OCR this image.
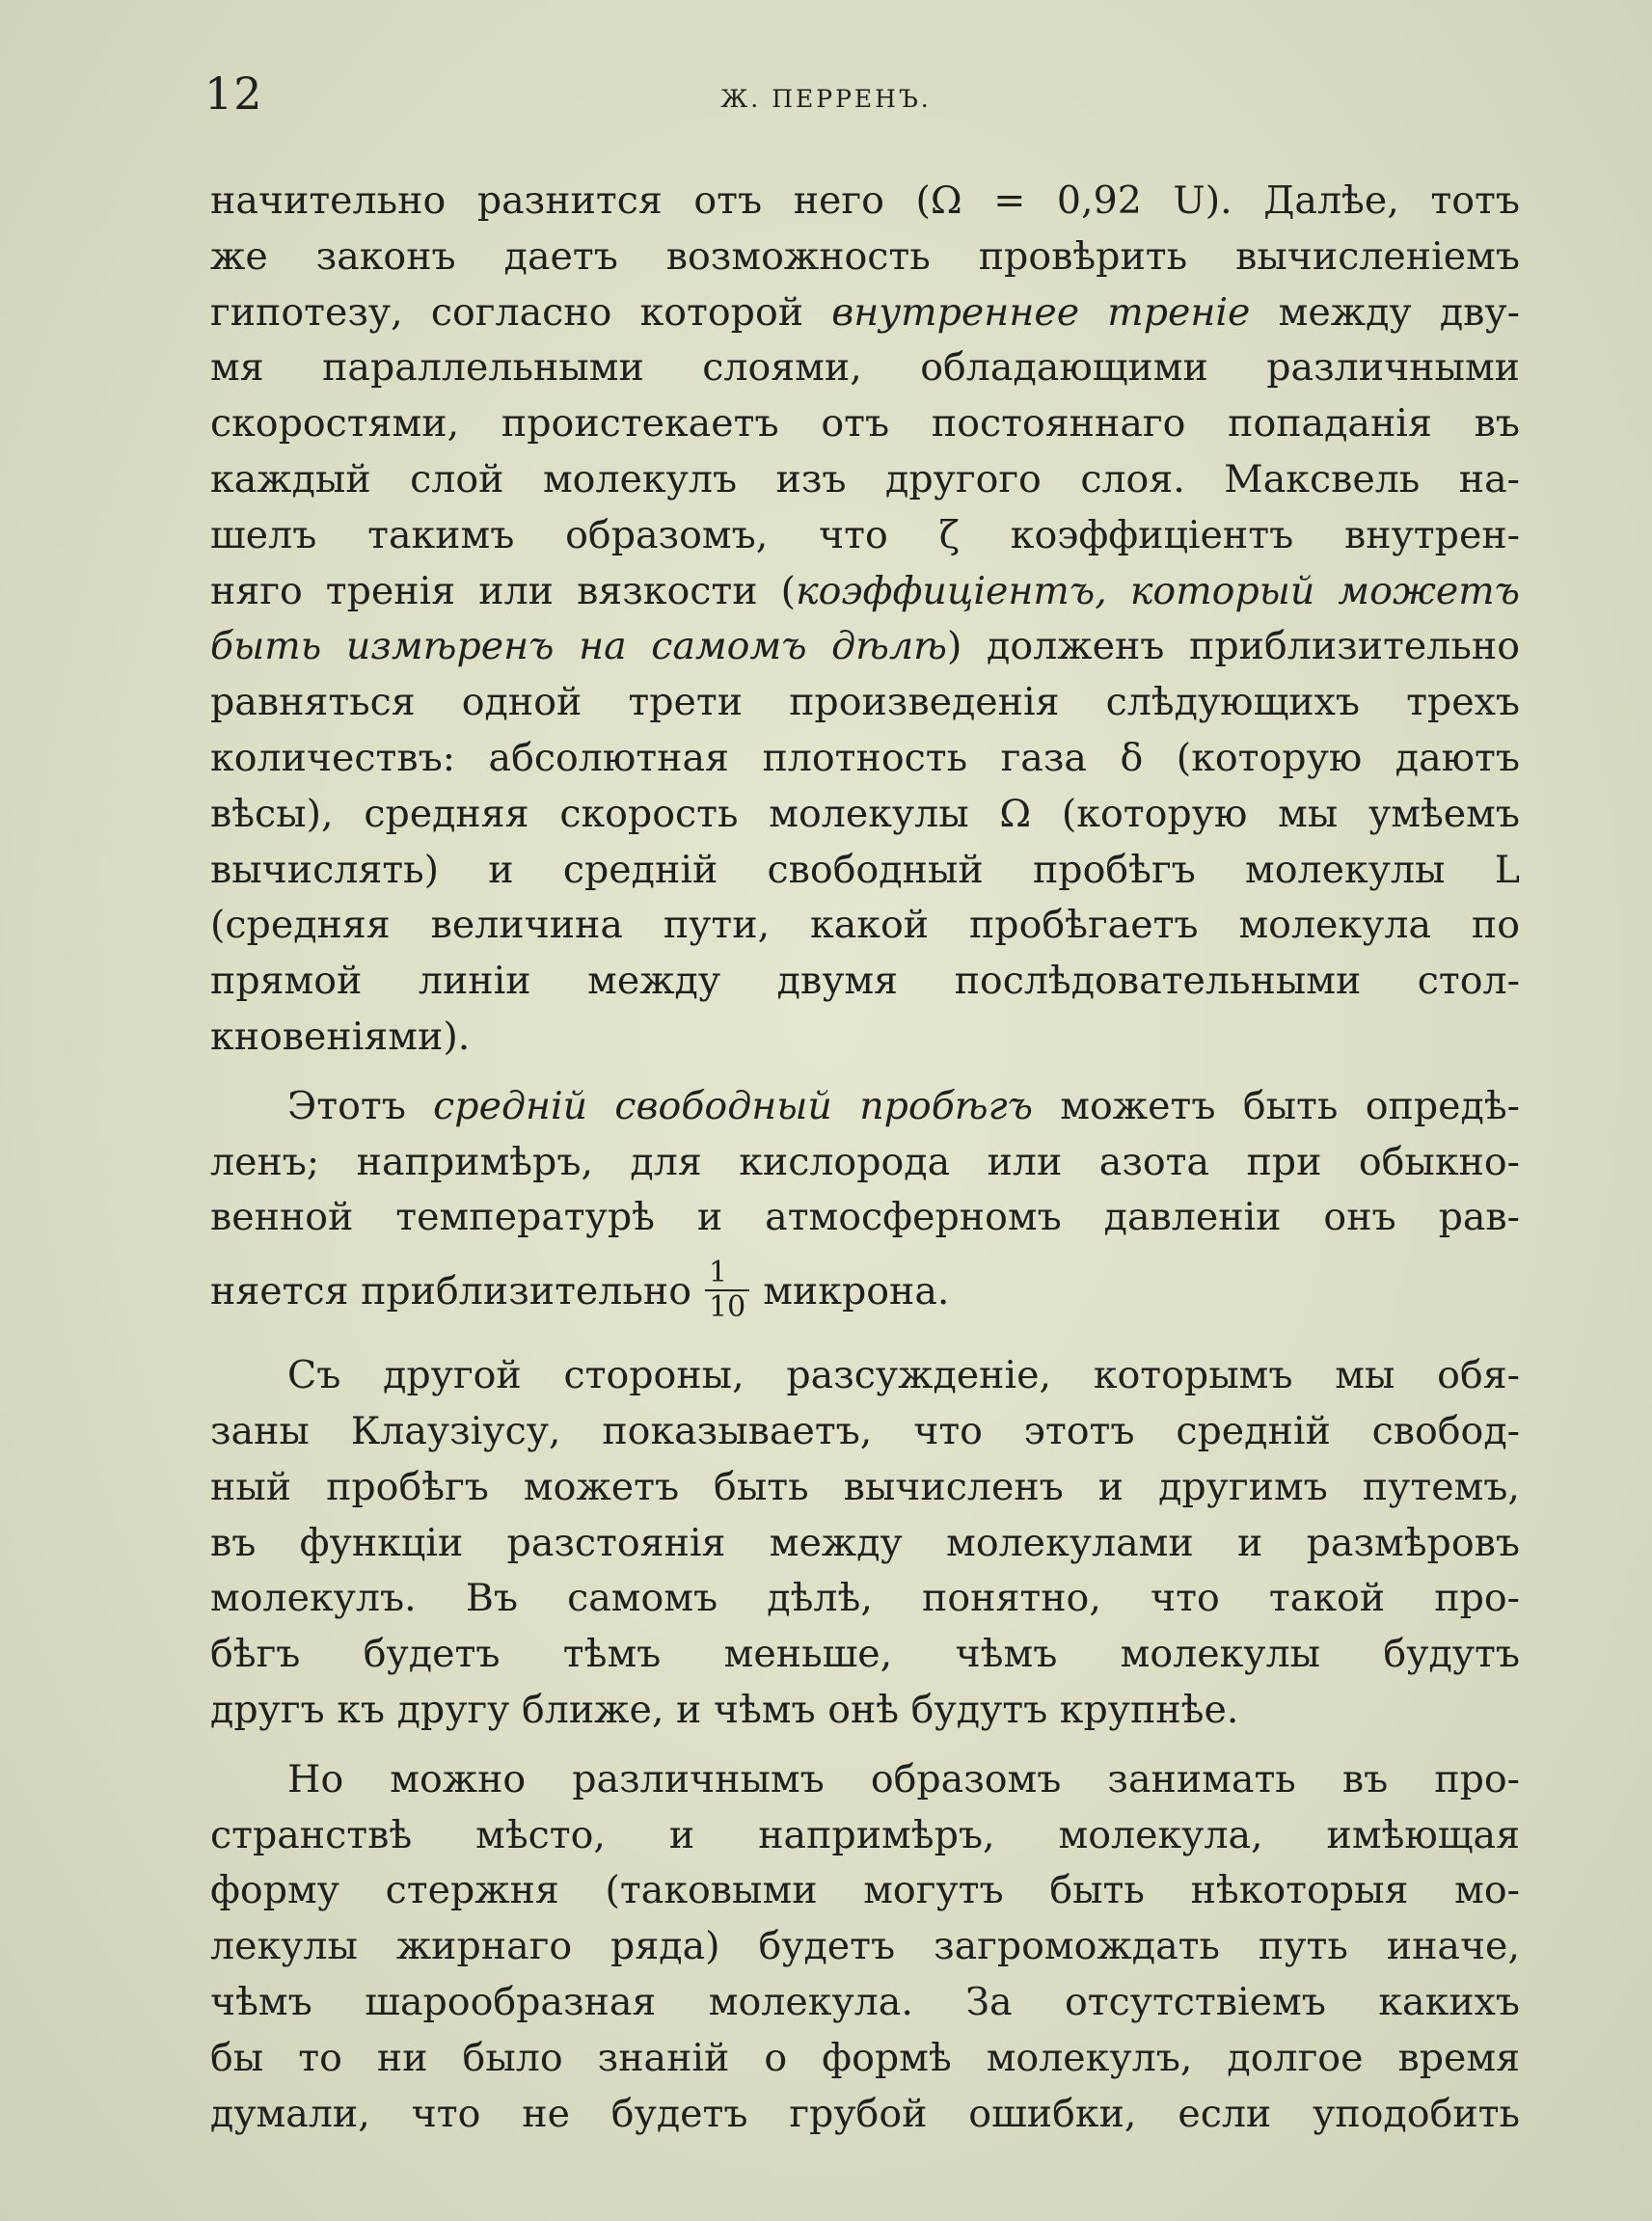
12	Ж. ПЕРРЕНЪ.
начительно разнится отъ него (Ω = 0,92 U). Далѣе, тотъ
же законъ даетъ возможность провѣрить вычисленіемъ
гипотезу, согласно которой внутреннее треніе между дву-
мя параллельными слоями, обладающими различными
скоростями, проистекаетъ отъ постояннаго попаданія въ
каждый слой молекулъ изъ другого слоя. Максвель на-
шелъ такимъ образомъ, что ζ коэффиціентъ внутрен-
няго тренія или вязкости (коэффиціентъ, который можетъ
быть измѣренъ на самомъ дѣлѣ) долженъ приблизительно
равняться одной трети произведенія слѣдующихъ трехъ
количествъ: абсолютная плотность газа δ (которую даютъ
вѣсы), средняя скорость молекулы Ω (которую мы умѣемъ
вычислять) и средній свободный пробѣгъ молекулы L
(средняя величина пути, какой пробѣгаетъ молекула по
прямой линіи между двумя послѣдовательными стол-
кновеніями).
Этотъ средній свободный пробѣгъ можетъ быть опредѣ-
ленъ; напримѣръ, для кислорода или азота при обыкно-
венной температурѣ и атмосферномъ давленіи онъ рав-
няется приблизительно $\frac{1}{10}$ микрона.
Съ другой стороны, разсужденіе, которымъ мы обя-
заны Клаузіусу, показываетъ, что этотъ средній свобод-
ный пробѣгъ можетъ быть вычисленъ и другимъ путемъ,
въ функціи разстоянія между молекулами и размѣровъ
молекулъ. Въ самомъ дѣлѣ, понятно, что такой про-
бѣгъ будетъ тѣмъ меньше, чѣмъ молекулы будутъ
другъ къ другу ближе, и чѣмъ онѣ будутъ крупнѣе.
Но можно различнымъ образомъ занимать въ про-
странствѣ мѣсто, и напримѣръ, молекула, имѣющая
форму стержня (таковыми могутъ быть нѣкоторыя мо-
лекулы жирнаго ряда) будетъ загромождать путь иначе,
чѣмъ шарообразная молекула. За отсутствіемъ какихъ
бы то ни было знаній о формѣ молекулъ, долгое время
думали, что не будетъ грубой ошибки, если уподобить
